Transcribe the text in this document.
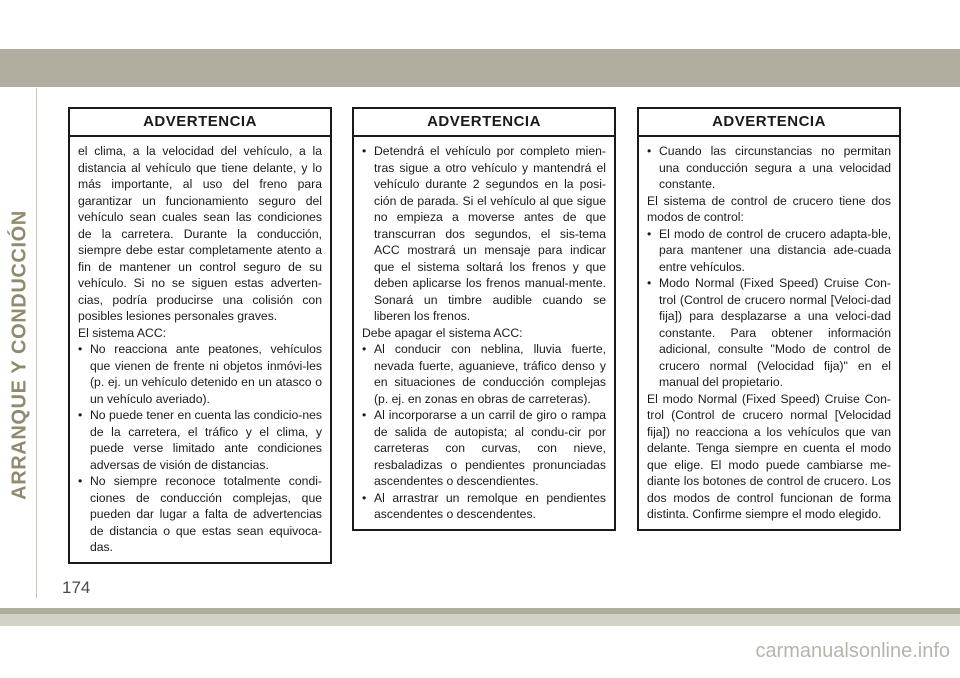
ARRANQUE Y CONDUCCIÓN
ADVERTENCIA

el clima, a la velocidad del vehículo, a la distancia al vehículo que tiene delante, y lo más importante, al uso del freno para garantizar un funcionamiento seguro del vehículo sean cuales sean las condiciones de la carretera. Durante la conducción, siempre debe estar completamente atento a fin de mantener un control seguro de su vehículo. Si no se siguen estas adverten-cias, podría producirse una colisión con posibles lesiones personales graves.

El sistema ACC:

• No reacciona ante peatones, vehículos que vienen de frente ni objetos inmóvi-les (p. ej. un vehículo detenido en un atasco o un vehículo averiado).
• No puede tener en cuenta las condicio-nes de la carretera, el tráfico y el clima, y puede verse limitado ante condiciones adversas de visión de distancias.
• No siempre reconoce totalmente condi-ciones de conducción complejas, que pueden dar lugar a falta de advertencias de distancia o que estas sean equivoca-das.
ADVERTENCIA
• Detendrá el vehículo por completo mien-tras sigue a otro vehículo y mantendrá el vehículo durante 2 segundos en la posi-ción de parada. Si el vehículo al que sigue no empieza a moverse antes de que transcurran dos segundos, el sis-tema ACC mostrará un mensaje para indicar que el sistema soltará los frenos y que deben aplicarse los frenos manual-mente. Sonará un timbre audible cuando se liberen los frenos.

Debe apagar el sistema ACC:

• Al conducir con neblina, lluvia fuerte, nevada fuerte, aguanieve, tráfico denso y en situaciones de conducción complejas (p. ej. en zonas en obras de carreteras).
• Al incorporarse a un carril de giro o rampa de salida de autopista; al condu-cir por carreteras con curvas, con nieve, resbaladizas o pendientes pronunciadas ascendentes o descendientes.
• Al arrastrar un remolque en pendientes ascendentes o descendentes.
ADVERTENCIA
• Cuando las circunstancias no permitan una conducción segura a una velocidad constante.

El sistema de control de crucero tiene dos modos de control:

• El modo de control de crucero adapta-ble, para mantener una distancia ade-cuada entre vehículos.
• Modo Normal (Fixed Speed) Cruise Con-trol (Control de crucero normal [Veloci-dad fija]) para desplazarse a una veloci-dad constante. Para obtener información adicional, consulte "Modo de control de crucero normal (Velocidad fija)" en el manual del propietario.

El modo Normal (Fixed Speed) Cruise Con-trol (Control de crucero normal [Velocidad fija]) no reacciona a los vehículos que van delante. Tenga siempre en cuenta el modo que elige. El modo puede cambiarse me-diante los botones de control de crucero. Los dos modos de control funcionan de forma distinta. Confirme siempre el modo elegido.

174
carmanualsonline.info
